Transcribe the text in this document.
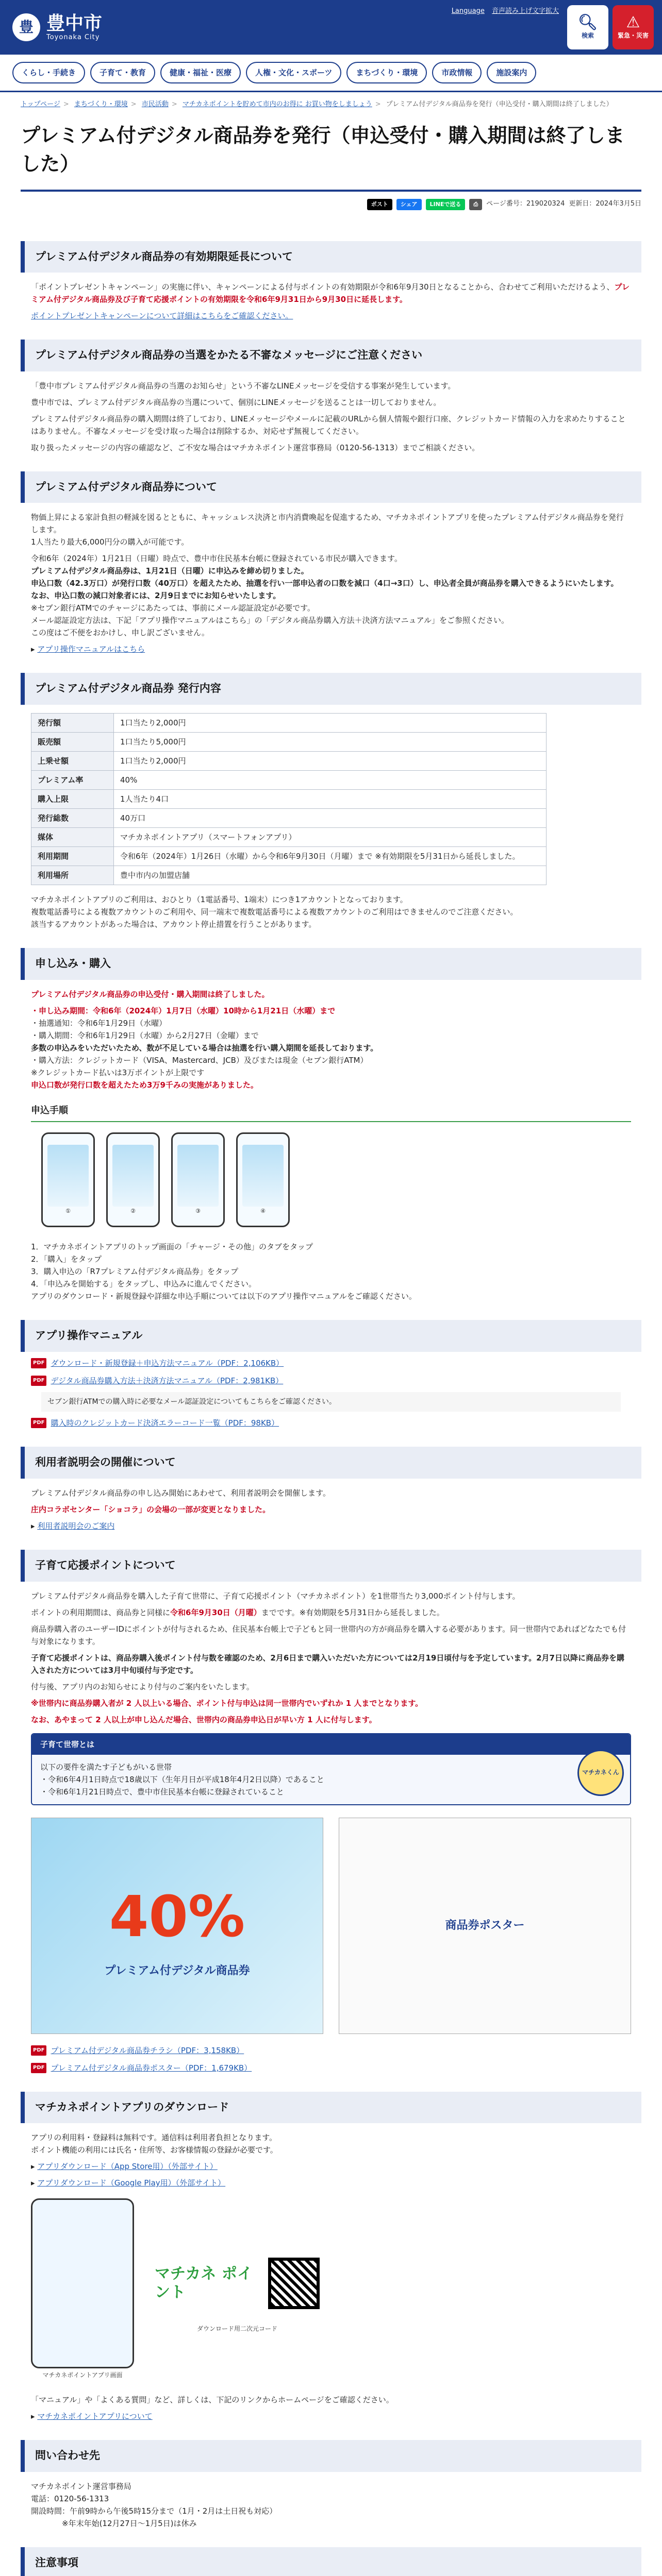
豊 豊中市
Toyonaka City
Language 音声読み上げ文字拡大
🔍︎
検索
⚠
緊急・災害
くらし・手続き	子育て・教育	健康・福祉・医療	人権・文化・スポーツ	まちづくり・環境	市政情報	施設案内
トップページ > まちづくり・環境 > 市民活動 > マチカネポイントを貯めて市内のお得に お買い物をしましょう > プレミアム付デジタル商品券を発行（申込受付・購入期間は終了しました）
プレミアム付デジタル商品券を発行（申込受付・購入期間は終了しました）
ポスト	シェア	LINEで送る	⎙	ページ番号：219020324 更新日：2024年3月5日
プレミアム付デジタル商品券の有効期限延長について

「ポイントプレゼントキャンペーン」の実施に伴い、キャンペーンによる付与ポイントの有効期限が令和6年9月30日となることから、合わせてご利用いただけるよう、プレミアム付デジタル商品券及び子育て応援ポイントの有効期限を令和6年9月31日から9月30日に延長します。

ポイントプレゼントキャンペーンについて詳細はこちらをご確認ください。

プレミアム付デジタル商品券の当選をかたる不審なメッセージにご注意ください

「豊中市プレミアム付デジタル商品券の当選のお知らせ」という不審なLINEメッセージを受信する事案が発生しています。

豊中市では、プレミアム付デジタル商品券の当選について、個別にLINEメッセージを送ることは一切しておりません。

プレミアム付デジタル商品券の購入期間は終了しており、LINEメッセージやメールに記載のURLから個人情報や銀行口座、クレジットカード情報の入力を求めたりすることはありません。不審なメッセージを受け取った場合は削除するか、対応せず無視してください。

取り扱ったメッセージの内容の確認など、ご不安な場合はマチカネポイント運営事務局（0120-56-1313）までご相談ください。

プレミアム付デジタル商品券について

物価上昇による家計負担の軽減を図るとともに、キャッシュレス決済と市内消費喚起を促進するため、マチカネポイントアプリを使ったプレミアム付デジタル商品券を発行します。
1人当たり最大6,000円分の購入が可能です。

令和6年（2024年）1月21日（日曜）時点で、豊中市住民基本台帳に登録されている市民が購入できます。
プレミアム付デジタル商品券は、1月21日（日曜）に申込みを締め切りました。
申込口数（42.3万口）が発行口数（40万口）を超えたため、抽選を行い一部申込者の口数を減口（4口→3口）し、申込者全員が商品券を購入できるようにいたします。
なお、申込口数の減口対象者には、2月9日までにお知らせいたします。
※セブン銀行ATMでのチャージにあたっては、事前にメール認証設定が必要です。
メール認証設定方法は、下記「アプリ操作マニュアルはこちら」の「デジタル商品券購入方法＋決済方法マニュアル」をご参照ください。
この度はご不便をおかけし、申し訳ございません。

▸ アプリ操作マニュアルはこちら

プレミアム付デジタル商品券 発行内容
発行額	1口当たり2,000円
販売額	1口当たり5,000円
上乗せ額	1口当たり2,000円
プレミアム率	40%
購入上限	1人当たり4口
発行総数	40万口
媒体	マチカネポイントアプリ（スマートフォンアプリ）
利用期間	令和6年（2024年）1月26日（水曜）から令和6年9月30日（月曜）まで ※有効期限を5月31日から延長しました。
利用場所	豊中市内の加盟店舗

マチカネポイントアプリのご利用は、おひとり（1電話番号、1端末）につき1アカウントとなっております。
複数電話番号による複数アカウントのご利用や、同一端末で複数電話番号による複数アカウントのご利用はできませんのでご注意ください。
該当するアカウントがあった場合は、アカウント停止措置を行うことがあります。

申し込み・購入

プレミアム付デジタル商品券の申込受付・購入期間は終了しました。

・申し込み期間：令和6年（2024年）1月7日（水曜）10時から1月21日（水曜）まで
・抽選通知：令和6年1月29日（水曜）
・購入期間：令和6年1月29日（水曜）から2月27日（金曜）まで
多数の申込みをいただいたため、数が不足している場合は抽選を行い購入期間を延長しております。
・購入方法：クレジットカード（VISA、Mastercard、JCB）及びまたは現金（セブン銀行ATM）
※クレジットカード払いは3万ポイントが上限です
申込口数が発行口数を超えたため3万9千みの実施がありました。

申込手順
①	②	③	④

1．マチカネポイントアプリのトップ画面の「チャージ・その他」のタブをタップ
2．「購入」をタップ
3．購入申込の「R7プレミアム付デジタル商品券」をタップ
4．「申込みを開始する」をタップし、申込みに進んでください。
アプリのダウンロード・新規登録や詳細な申込手順については以下のアプリ操作マニュアルをご確認ください。

アプリ操作マニュアル
PDF ダウンロード・新規登録＋申込方法マニュアル（PDF：2,106KB）
PDF デジタル商品券購入方法＋決済方法マニュアル（PDF：2,981KB）
セブン銀行ATMでの購入時に必要なメール認証設定についてもこちらをご確認ください。
PDF 購入時のクレジットカード決済エラーコード一覧（PDF：98KB）
利用者説明会の開催について

プレミアム付デジタル商品券の申し込み開始にあわせて、利用者説明会を開催します。

庄内コラボセンター「ショコラ」の会場の一部が変更となりました。

▸ 利用者説明会のご案内

子育て応援ポイントについて

プレミアム付デジタル商品券を購入した子育て世帯に、子育て応援ポイント（マチカネポイント）を1世帯当たり3,000ポイント付与します。

ポイントの利用期間は、商品券と同様に令和6年9月30日（月曜）までです。※有効期限を5月31日から延長しました。

商品券購入者のユーザーIDにポイントが付与されるため、住民基本台帳上で子どもと同一世帯内の方が商品券を購入する必要があります。同一世帯内であればどなたでも付与対象になります。

子育て応援ポイントは、商品券購入後ポイント付与数を確認のため、2月6日まで購入いただいた方については2月19日頃付与を予定しています。2月7日以降に商品券を購入された方については3月中旬頃付与予定です。

付与後、アプリ内のお知らせにより付与のご案内をいたします。

※世帯内に商品券購入者が 2 人以上いる場合、ポイント付与申込は同一世帯内でいずれか 1 人までとなります。

なお、あやまって 2 人以上が申し込んだ場合、世帯内の商品券申込日が早い方 1 人に付与します。

子育て世帯とは

以下の要件を満たす子どもがいる世帯

・令和6年4月1日時点で18歳以下（生年月日が平成18年4月2日以降）であること

・令和6年1月21日時点で、豊中市住民基本台帳に登録されていること

マチカネくん
40%
プレミアム付デジタル商品券
商品券ポスター
PDF プレミアム付デジタル商品券チラシ（PDF：3,158KB）
PDF プレミアム付デジタル商品券ポスター（PDF：1,679KB）
マチカネポイントアプリのダウンロード

アプリの利用料・登録料は無料です。通信料は利用者負担となります。
ポイント機能の利用には氏名・住所等、お客様情報の登録が必要です。

▸ アプリダウンロード（App Store用）（外部サイト）

▸ アプリダウンロード（Google Play用）（外部サイト）

マチカネポイントアプリ画面
マチカネ ポイント
ダウンロード用二次元コード

「マニュアル」や「よくある質問」など、詳しくは、下記のリンクからホームページをご確認ください。

▸ マチカネポイントアプリについて

問い合わせ先

マチカネポイント運営事務局
電話：0120-56-1313
開設時間：午前9時から午後5時15分まで（1月・2月は土日祝も対応）
　　　　※年末年始(12月27日～1月5日)は休み

注意事項
